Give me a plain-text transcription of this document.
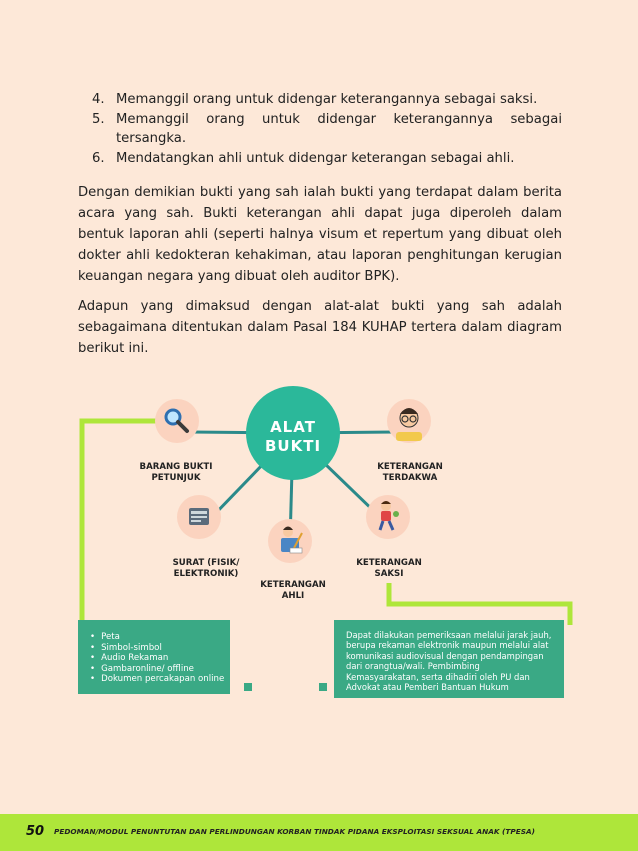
4. Memanggil orang untuk didengar keterangannya sebagai saksi.
5. Memanggil orang untuk didengar keterangannya sebagai tersangka.
6. Mendatangkan ahli untuk didengar keterangan sebagai ahli.
Dengan demikian bukti yang sah ialah bukti yang terdapat dalam berita acara yang sah. Bukti keterangan ahli dapat juga diperoleh dalam bentuk laporan ahli (seperti halnya visum et repertum yang dibuat oleh dokter ahli kedokteran kehakiman, atau laporan penghitungan kerugian keuangan negara yang dibuat oleh auditor BPK).
Adapun yang dimaksud dengan alat-alat bukti yang sah adalah sebagaimana ditentukan dalam Pasal 184 KUHAP tertera dalam diagram berikut ini.
ALAT
BUKTI
BARANG BUKTI
PETUNJUK
KETERANGAN
TERDAKWA
SURAT (FISIK/
ELEKTRONIK)
KETERANGAN
AHLI
KETERANGAN
SAKSI
• Peta
• Simbol-simbol
• Audio Rekaman
• Gambaronline/ offline
• Dokumen percakapan online

Dapat dilakukan pemeriksaan melalui jarak jauh, berupa rekaman elektronik maupun melalui alat komunikasi audiovisual dengan pendampingan dari orangtua/wali. Pembimbing Kemasyarakatan, serta dihadiri oleh PU dan Advokat atau Pemberi Bantuan Hukum

50 PEDOMAN/MODUL PENUNTUTAN DAN PERLINDUNGAN KORBAN TINDAK PIDANA EKSPLOITASI SEKSUAL ANAK (TPESA)
